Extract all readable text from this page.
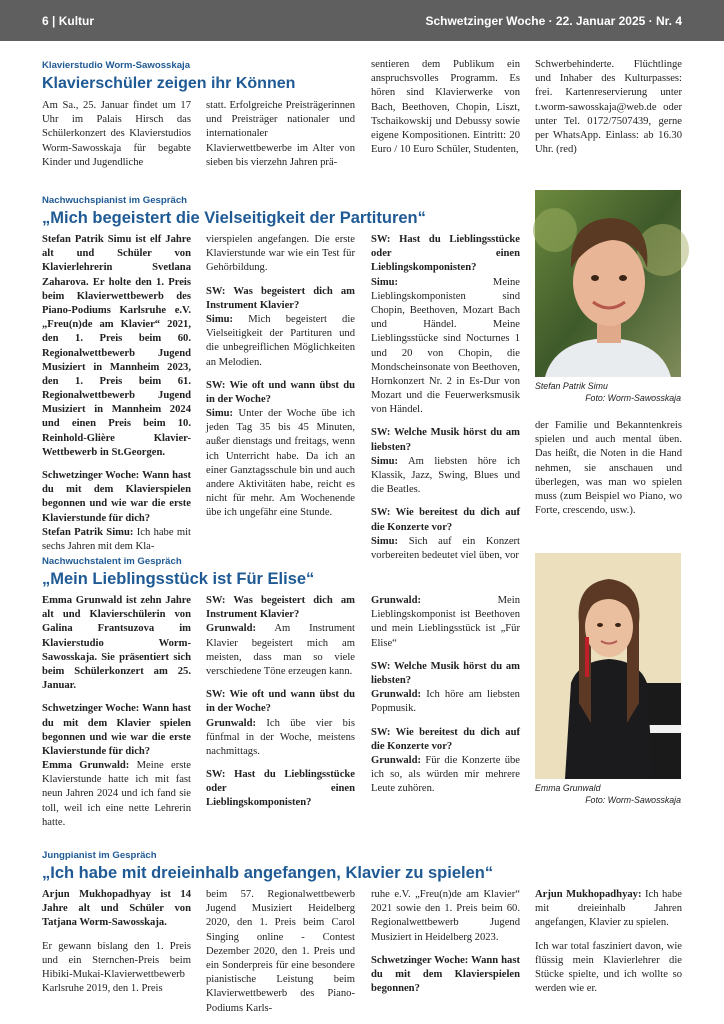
6 | Kultur	Schwetzinger Woche · 22. Januar 2025 · Nr. 4
Klavierstudio Worm-Sawosskaja
Klavierschüler zeigen ihr Können
Am Sa., 25. Januar findet um 17 Uhr im Palais Hirsch das Schülerkonzert des Klavierstudios Worm-Sawosskaja für begabte Kinder und Jugendliche
statt. Erfolgreiche Preisträgerinnen und Preisträger nationaler und internationaler Klavierwettbewerbe im Alter von sieben bis vierzehn Jahren prä-
sentieren dem Publikum ein anspruchsvolles Programm. Es hören sind Klavierwerke von Bach, Beethoven, Chopin, Liszt, Tschaikowskij und Debussy sowie eigene Kompositionen. Eintritt: 20 Euro / 10 Euro Schüler, Studenten,
Schwerbehinderte. Flüchtlinge und Inhaber des Kulturpasses: frei. Kartenreservierung unter t.worm-sawosskaja@web.de oder unter Tel. 0172/7507439, gerne per WhatsApp. Einlass: ab 16.30 Uhr. (red)
Nachwuchspianist im Gespräch
„Mich begeistert die Vielseitigkeit der Partituren“

Stefan Patrik Simu ist elf Jahre alt und Schüler von Klavierlehrerin Svetlana Zaharova. Er holte den 1. Preis beim Klavierwettbewerb des Piano-Podiums Karlsruhe e.V. „Freu(n)de am Klavier“ 2021, den 1. Preis beim 60. Regionalwettbewerb Jugend Musiziert in Mannheim 2023, den 1. Preis beim 61. Regionalwettbewerb Jugend Musiziert in Mannheim 2024 und einen Preis beim 10. Reinhold-Glière Klavier-Wettbewerb in St.Georgen.

Schwetzinger Woche: Wann hast du mit dem Klavierspielen begonnen und wie war die erste Klavierstunde für dich?
Stefan Patrik Simu: Ich habe mit sechs Jahren mit dem Kla-

vierspielen angefangen. Die erste Klavierstunde war wie ein Test für Gehörbildung.

SW: Was begeistert dich am Instrument Klavier?
Simu: Mich begeistert die Vielseitigkeit der Partituren und die unbegreiflichen Möglichkeiten an Melodien.

SW: Wie oft und wann übst du in der Woche?
Simu: Unter der Woche übe ich jeden Tag 35 bis 45 Minuten, außer dienstags und freitags, wenn ich Unterricht habe. Da ich an einer Ganztagsschule bin und auch andere Aktivitäten habe, reicht es nicht für mehr. Am Wochenende übe ich ungefähr eine Stunde.

SW: Hast du Lieblingsstücke oder einen Lieblingskomponisten?
Simu:	Meine Lieblingskomponisten sind Chopin, Beethoven, Mozart Bach und Händel. Meine Lieblingsstücke sind Nocturnes 1 und 20 von Chopin, die Mondscheinsonate von Beethoven, Hornkonzert Nr. 2 in Es-Dur von Mozart und die Feuerwerksmusik von Händel.

SW: Welche Musik hörst du am liebsten?
Simu: Am liebsten höre ich Klassik, Jazz, Swing, Blues und die Beatles.

SW: Wie bereitest du dich auf die Konzerte vor?
Simu: Sich auf ein Konzert vorbereiten bedeutet viel üben, vor

Stefan Patrik Simu
Foto: Worm-Sawosskaja
der Familie und Bekanntenkreis spielen und auch mental üben. Das heißt, die Noten in die Hand nehmen, sie anschauen und überlegen, was man wo spielen muss (zum Beispiel wo Piano, wo Forte, crescendo, usw.).
Nachwuchstalent im Gespräch
„Mein Lieblingsstück ist Für Elise“

Emma Grunwald ist zehn Jahre alt und Klavierschülerin von Galina Frantsuzova im Klavierstudio Worm-Sawosskaja. Sie präsentiert sich beim Schülerkonzert am 25. Januar.

Schwetzinger Woche: Wann hast du mit dem Klavier spielen begonnen und wie war die erste Klavierstunde für dich?
Emma Grunwald: Meine erste Klavierstunde hatte ich mit fast neun Jahren 2024 und ich fand sie toll, weil ich eine nette Lehrerin hatte.

SW: Was begeistert dich am Instrument Klavier?
Grunwald: Am Instrument Klavier begeistert mich am meisten, dass man so viele verschiedene Töne erzeugen kann.

SW: Wie oft und wann übst du in der Woche?
Grunwald: Ich übe vier bis fünfmal in der Woche, meistens nachmittags.

SW: Hast du Lieblingsstücke oder einen Lieblingskomponisten?

Grunwald:	Mein Lieblingskomponist ist Beethoven und mein Lieblingsstück ist „Für Elise“

SW: Welche Musik hörst du am liebsten?
Grunwald: Ich höre am liebsten Popmusik.

SW: Wie bereitest du dich auf die Konzerte vor?
Grunwald: Für die Konzerte übe ich so, als würden mir mehrere Leute zuhören.	Emma Grunwald
Foto: Worm-Sawosskaja
Jungpianist im Gespräch
„Ich habe mit dreieinhalb angefangen, Klavier zu spielen“

Arjun Mukhopadhyay ist 14 Jahre alt und Schüler von Tatjana Worm-Sawosskaja.

Er gewann bislang den 1. Preis und ein Sternchen-Preis beim Hibiki-Mukai-Klavierwettbewerb Karlsruhe 2019, den 1. Preis

beim 57. Regionalwettbewerb Jugend Musiziert Heidelberg 2020, den 1. Preis beim Carol Singing online - Contest Dezember 2020, den 1. Preis und ein Sonderpreis für eine besondere pianistische Leistung beim Klavierwettbewerb des Piano-Podiums Karls-

ruhe e.V. „Freu(n)de am Klavier“ 2021 sowie den 1. Preis beim 60. Regionalwettbewerb Jugend Musiziert in Heidelberg 2023.

Schwetzinger Woche: Wann hast du mit dem Klavierspielen begonnen?

Arjun Mukhopadhyay: Ich habe mit dreieinhalb Jahren angefangen, Klavier zu spielen.

Ich war total fasziniert davon, wie flüssig mein Klavierlehrer die Stücke spielte, und ich wollte so werden wie er.
